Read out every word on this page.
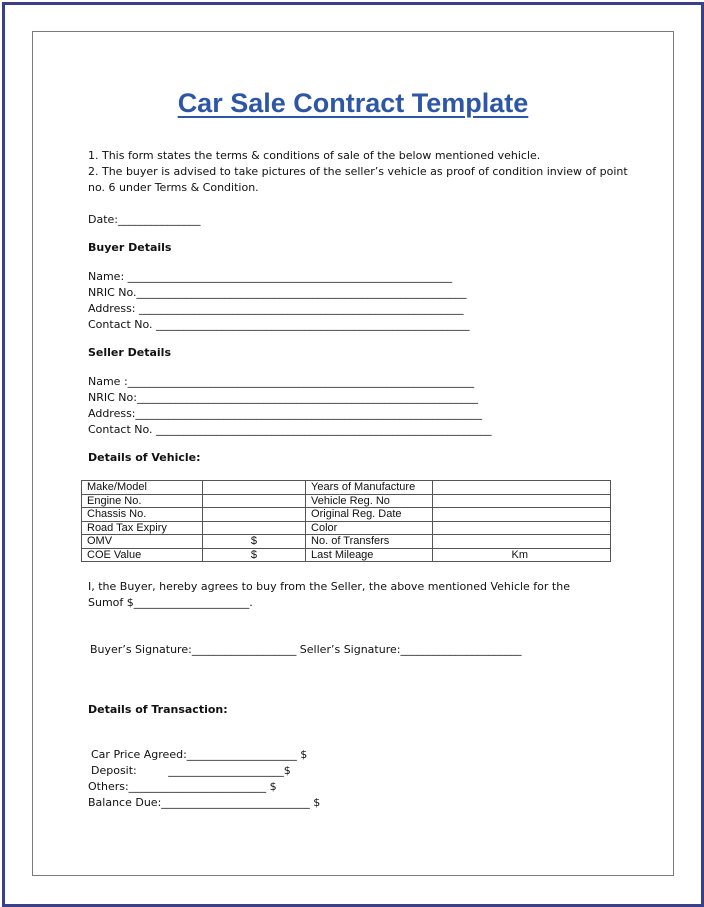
Car Sale Contract Template
1. This form states the terms & conditions of sale of the below mentioned vehicle.
2. The buyer is advised to take pictures of the seller’s vehicle as proof of condition inview of point
no. 6 under Terms & Condition.
Date:_______________
Buyer Details
Name: ___________________________________________________________
NRIC No.____________________________________________________________
Address: ___________________________________________________________
Contact No. _________________________________________________________
Seller Details
Name :_______________________________________________________________
NRIC No:______________________________________________________________
Address:_______________________________________________________________
Contact No. _____________________________________________________________
Details of Vehicle:
Make/Model		Years of Manufacture	
Engine No.		Vehicle Reg. No	
Chassis No.		Original Reg. Date	
Road Tax Expiry		Color	
OMV	$	No. of Transfers	
COE Value	$	Last Mileage	Km
I, the Buyer, hereby agrees to buy from the Seller, the above mentioned Vehicle for the
Sumof $_____________________.
Buyer’s Signature:___________________ Seller’s Signature:______________________
Details of Transaction:
Car Price Agreed:____________________ $
Deposit:         _____________________$
Others:_________________________ $
Balance Due:___________________________ $
